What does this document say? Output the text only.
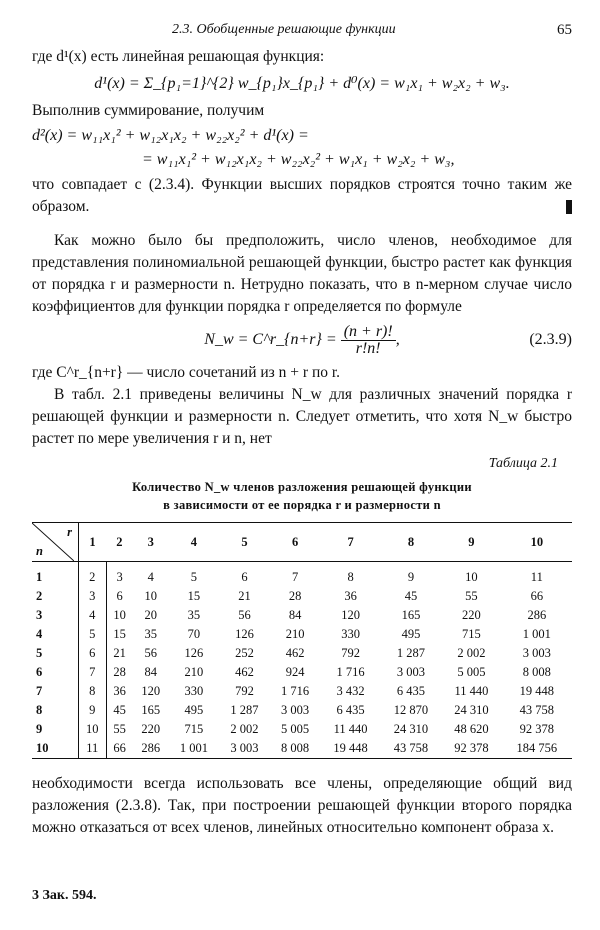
2.3. Обобщенные решающие функции	65

где d¹(x) есть линейная решающая функция:

d¹(x) = Σ_{p₁=1}^{2} w_{p₁}x_{p₁} + d⁰(x) = w₁x₁ + w₂x₂ + w₃.

Выполнив суммирование, получим

d²(x) = w₁₁x₁² + w₁₂x₁x₂ + w₂₂x₂² + d¹(x) =
= w₁₁x₁² + w₁₂x₁x₂ + w₂₂x₂² + w₁x₁ + w₂x₂ + w₃,

что совпадает с (2.3.4). Функции высших порядков строятся точно таким же образом.

Как можно было бы предположить, число членов, необходимое для представления полиномиальной решающей функции, быстро растет как функция от порядка r и размерности n. Нетрудно показать, что в n-мерном случае число коэффициентов для функции порядка r определяется по формуле

N_w = C^r_{n+r} = $\frac{(n + r)!}{r!n!}$ ,	(2.3.9)

где C^r_{n+r} — число сочетаний из n + r по r.

В табл. 2.1 приведены величины N_w для различных значений порядка r решающей функции и размерности n. Следует отметить, что хотя N_w быстро растет по мере увеличения r и n, нет

Таблица 2.1
Количество N_w членов разложения решающей функции
в зависимости от ее порядка r и размерности n
r
n	1	2	3	4	5	6	7	8	9	10
1	2	3	4	5	6	7	8	9	10	11
2	3	6	10	15	21	28	36	45	55	66
3	4	10	20	35	56	84	120	165	220	286
4	5	15	35	70	126	210	330	495	715	1 001
5	6	21	56	126	252	462	792	1 287	2 002	3 003
6	7	28	84	210	462	924	1 716	3 003	5 005	8 008
7	8	36	120	330	792	1 716	3 432	6 435	11 440	19 448
8	9	45	165	495	1 287	3 003	6 435	12 870	24 310	43 758
9	10	55	220	715	2 002	5 005	11 440	24 310	48 620	92 378
10	11	66	286	1 001	3 003	8 008	19 448	43 758	92 378	184 756

необходимости всегда использовать все члены, определяющие общий вид разложения (2.3.8). Так, при построении решающей функции второго порядка можно отказаться от всех членов, линейных относительно компонент образа x.

3 Зак. 594.
